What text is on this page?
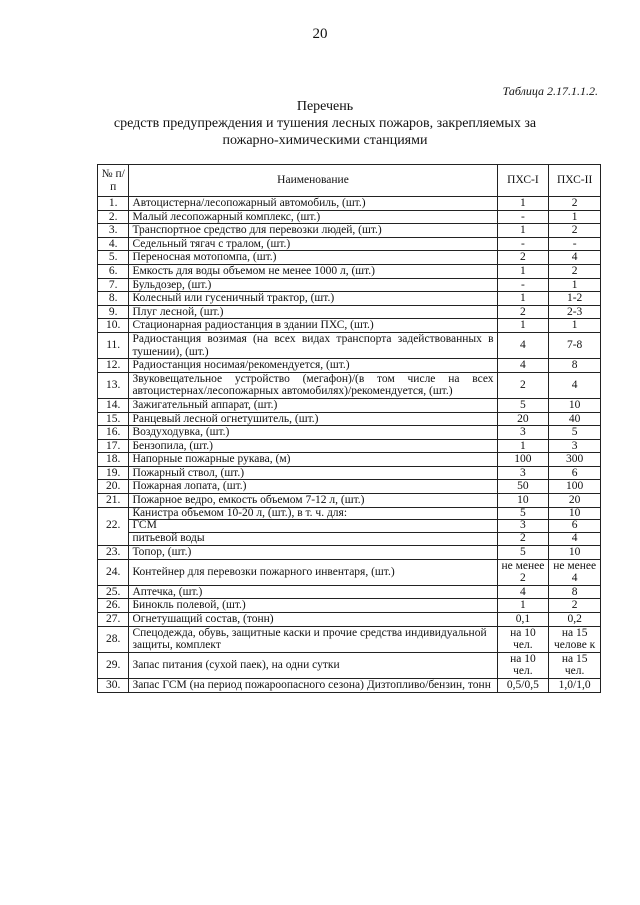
20
Таблица 2.17.1.1.2.
Перечень
средств предупреждения и тушения лесных пожаров, закрепляемых за
пожарно-химическими станциями
№ п/п	Наименование	ПХС-I	ПХС-II
1.	Автоцистерна/лесопожарный автомобиль, (шт.)	1	2
2.	Малый лесопожарный комплекс, (шт.)	-	1
3.	Транспортное средство для перевозки людей, (шт.)	1	2
4.	Седельный тягач с тралом, (шт.)	-	-
5.	Переносная мотопомпа, (шт.)	2	4
6.	Емкость для воды объемом не менее 1000 л, (шт.)	1	2
7.	Бульдозер, (шт.)	-	1
8.	Колесный или гусеничный трактор, (шт.)	1	1-2
9.	Плуг лесной, (шт.)	2	2-3
10.	Стационарная радиостанция в здании ПХС, (шт.)	1	1
11.	Радиостанция возимая (на всех видах транспорта задействованных в тушении), (шт.)	4	7-8
12.	Радиостанция носимая/рекомендуется, (шт.)	4	8
13.	Звуковещательное устройство (мегафон)/(в том числе на всех автоцистернах/лесопожарных автомобилях)/рекомендуется, (шт.)	2	4
14.	Зажигательный аппарат, (шт.)	5	10
15.	Ранцевый лесной огнетушитель, (шт.)	20	40
16.	Воздуходувка, (шт.)	3	5
17.	Бензопила, (шт.)	1	3
18.	Напорные пожарные рукава, (м)	100	300
19.	Пожарный ствол, (шт.)	3	6
20.	Пожарная лопата, (шт.)	50	100
21.	Пожарное ведро, емкость объемом 7-12 л, (шт.)	10	20
22.	Канистра объемом 10-20 л, (шт.), в т. ч. для:	5	10
	ГСМ	3	6
	питьевой воды	2	4
23.	Топор, (шт.)	5	10
24.	Контейнер для перевозки пожарного инвентаря, (шт.)	не менее 2	не менее 4
25.	Аптечка, (шт.)	4	8
26.	Бинокль полевой, (шт.)	1	2
27.	Огнетушащий состав, (тонн)	0,1	0,2
28.	Спецодежда, обувь, защитные каски и прочие средства индивидуальной защиты, комплект	на 10 чел.	на 15 челове к
29.	Запас питания (сухой паек), на одни сутки	на 10 чел.	на 15 чел.
30.	Запас ГСМ (на период пожароопасного сезона) Дизтопливо/бензин, тонн	0,5/0,5	1,0/1,0
